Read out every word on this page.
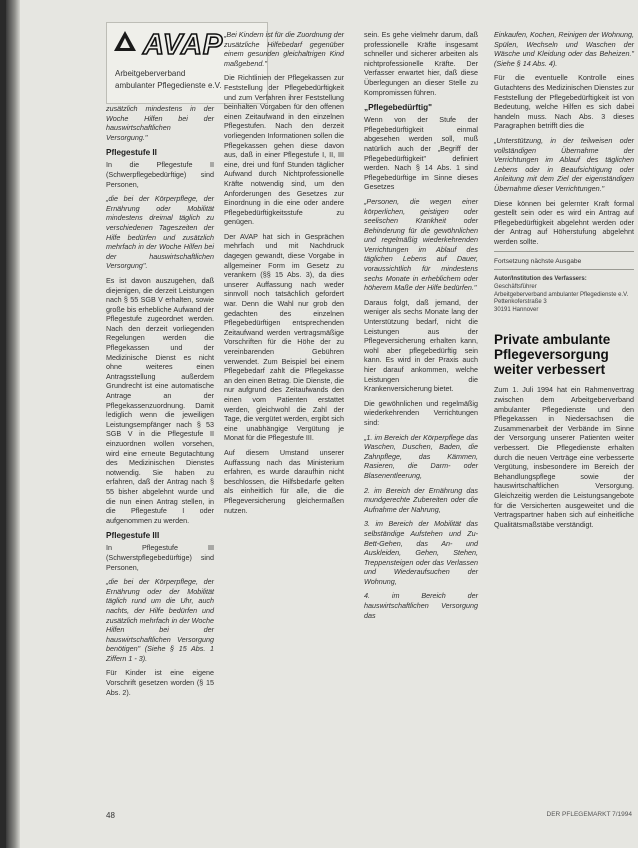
AVAP
Arbeitgeberverband
ambulanter Pflegedienste e.V.

zusätzlich mindestens in der Woche Hilfen bei der hauswirtschaftlichen Versorgung."

Pflegestufe II

In die Pflegestufe II (Schwerpflegebedürftige) sind Personen,

„die bei der Körperpflege, der Ernährung oder Mobilität mindestens dreimal täglich zu verschiedenen Tageszeiten der Hilfe bedürfen und zusätzlich mehrfach in der Woche Hilfen bei der hauswirtschaftlichen Versorgung".

Es ist davon auszugehen, daß diejenigen, die derzeit Leistungen nach § 55 SGB V erhalten, sowie große bis erhebliche Aufwand der Pflegestufe zugeordnet werden. Nach den derzeit vorliegenden Regelungen werden die Pflegekassen und der Medizinische Dienst es nicht ohne weiteres einen Antragsstellung außerdem Grundrecht ist eine automatische Antrage an der Pflegekassenzuordnung. Damit lediglich wenn die jeweiligen Leistungsempfänger nach § 53 SGB V in die Pflegestufe II einzuordnen wollen vorsehen, wird eine erneute Begutachtung des Medizinischen Dienstes notwendig. Sie haben zu erfahren, daß der Antrag nach § 55 bisher abgelehnt wurde und die nun einen Antrag stellen, in die Pflegestufe I oder aufgenommen zu werden.

Pflegestufe III

In Pflegestufe III (Schwerstpflegebedürftige) sind Personen,

„die bei der Körperpflege, der Ernährung oder der Mobilität täglich rund um die Uhr, auch nachts, der Hilfe bedürfen und zusätzlich mehrfach in der Woche Hilfen bei der hauswirtschaftlichen Versorgung benötigen" (Siehe § 15 Abs. 1 Ziffern 1 - 3).

Für Kinder ist eine eigene Vorschrift gesetzen worden (§ 15 Abs. 2).

„Bei Kindern ist für die Zuordnung der zusätzliche Hilfebedarf gegenüber einem gesunden gleichaltrigen Kind maßgebend."

Die Richtlinien der Pflegekassen zur Feststellung der Pflegebedürftigkeit und zum Verfahren ihrer Feststellung beinhalten Vorgaben für den offenen einen Zeitaufwand in den einzelnen Pflegestufen. Nach den derzeit vorliegenden Informationen sollen die Pflegekassen gehen diese davon aus, daß in einer Pflegestufe I, II, III eine, drei und fünf Stunden täglicher Aufwand durch Nichtprofessionelle Kräfte notwendig sind, um den Anforderungen des Gesetzes zur Einordnung in die eine oder andere Pflegebedürftigkeitsstufe zu genügen.

Der AVAP hat sich in Gesprächen mehrfach und mit Nachdruck dagegen gewandt, diese Vorgabe in allgemeiner Form im Gesetz zu verankern (§§ 15 Abs. 3), da dies unserer Auffassung nach weder sinnvoll noch tatsächlich gefordert war. Denn die Wahl nur grob den gedachten des einzelnen Pflegebedürftigen entsprechenden Zeitaufwand werden vertragsmäßige Vorschriften für die Höhe der zu vereinbarenden Gebühren verwendet. Zum Beispiel bei einem Pflegebedarf zahlt die Pflegekasse an den einen Betrag. Die Dienste, die nur aufgrund des Zeitaufwands den einen vom Patienten erstattet werden, gleichwohl die Zahl der Tage, die vergütet werden, ergibt sich eine unabhängige Vergütung je Monat für die Pflegestufe III.

Auf diesem Umstand unserer Auffassung nach das Ministerium erfahren, es wurde daraufhin nicht beschlossen, die Hilfsbedarfe gelten als einheitlich für alle, die die Pflegeversicherung gleichermaßen nutzen.

sein. Es gehe vielmehr darum, daß professionelle Kräfte insgesamt schneller und sicherer arbeiten als nichtprofessionelle Kräfte. Der Verfasser erwartet hier, daß diese Überlegungen an dieser Stelle zu Kompromissen führen.

„Pflegebedürftig"

Wenn von der Stufe der Pflegebedürftigkeit einmal abgesehen werden soll, muß natürlich auch der „Begriff der Pflegebedürftigkeit" definiert werden. Nach § 14 Abs. 1 sind Pflegebedürftige im Sinne dieses Gesetzes

„Personen, die wegen einer körperlichen, geistigen oder seelischen Krankheit oder Behinderung für die gewöhnlichen und regelmäßig wiederkehrenden Verrichtungen im Ablauf des täglichen Lebens auf Dauer, voraussichtlich für mindestens sechs Monate in erheblichem oder höherem Maße der Hilfe bedürfen."

Daraus folgt, daß jemand, der weniger als sechs Monate lang der Unterstützung bedarf, nicht die Leistungen aus der Pflegeversicherung erhalten kann, wohl aber pflegebedürftig sein kann. Es wird in der Praxis auch hier darauf ankommen, welche Leistungen die Krankenversicherung bietet.

Die gewöhnlichen und regelmäßig wiederkehrenden Verrichtungen sind:

„1. im Bereich der Körperpflege das Waschen, Duschen, Baden, die Zahnpflege, das Kämmen, Rasieren, die Darm- oder Blasenentleerung,

2. im Bereich der Ernährung das mundgerechte Zubereiten oder die Aufnahme der Nahrung,

3. im Bereich der Mobilität das selbständige Aufstehen und Zu-Bett-Gehen, das An- und Auskleiden, Gehen, Stehen, Treppensteigen oder das Verlassen und Wiederaufsuchen der Wohnung,

4. im Bereich der hauswirtschaftlichen Versorgung das

Einkaufen, Kochen, Reinigen der Wohnung, Spülen, Wechseln und Waschen der Wäsche und Kleidung oder das Beheizen." (Siehe § 14 Abs. 4).

Für die eventuelle Kontrolle eines Gutachtens des Medizinischen Dienstes zur Feststellung der Pflegebedürftigkeit ist von Bedeutung, welche Hilfen es sich dabei handeln muss. Nach Abs. 3 dieses Paragraphen betrifft dies die

„Unterstützung, in der teilweisen oder vollständigen Übernahme der Verrichtungen im Ablauf des täglichen Lebens oder in Beaufsichtigung oder Anleitung mit dem Ziel der eigenständigen Übernahme dieser Verrichtungen."

Diese können bei gelernter Kraft formal gestellt sein oder es wird ein Antrag auf Pflegebedürftigkeit abgelehnt werden oder der Antrag auf Höherstufung abgelehnt werden sollte.

Fortsetzung nächste Ausgabe

Autor/Institution des Verfassers:

Geschäftsführer

Arbeitgeberverband ambulanter Pflegedienste e.V.

Pettenkoferstraße 3

30191 Hannover

Private ambulante
Pflegeversorgung
weiter verbessert

Zum 1. Juli 1994 hat ein Rahmenvertrag zwischen dem Arbeitgeberverband ambulanter Pflegedienste und den Pflegekassen in Niedersachsen die Zusammenarbeit der Verbände im Sinne der Versorgung unserer Patienten weiter verbessert. Die Pflegedienste erhalten durch die neuen Verträge eine verbesserte Vergütung, insbesondere im Bereich der Behandlungspflege sowie der hauswirtschaftlichen Versorgung. Gleichzeitig werden die Leistungsangebote für die Versicherten ausgeweitet und die Vertragspartner haben sich auf einheitliche Qualitätsmaßstäbe verständigt.

48	DER PFLEGEMARKT 7/1994
